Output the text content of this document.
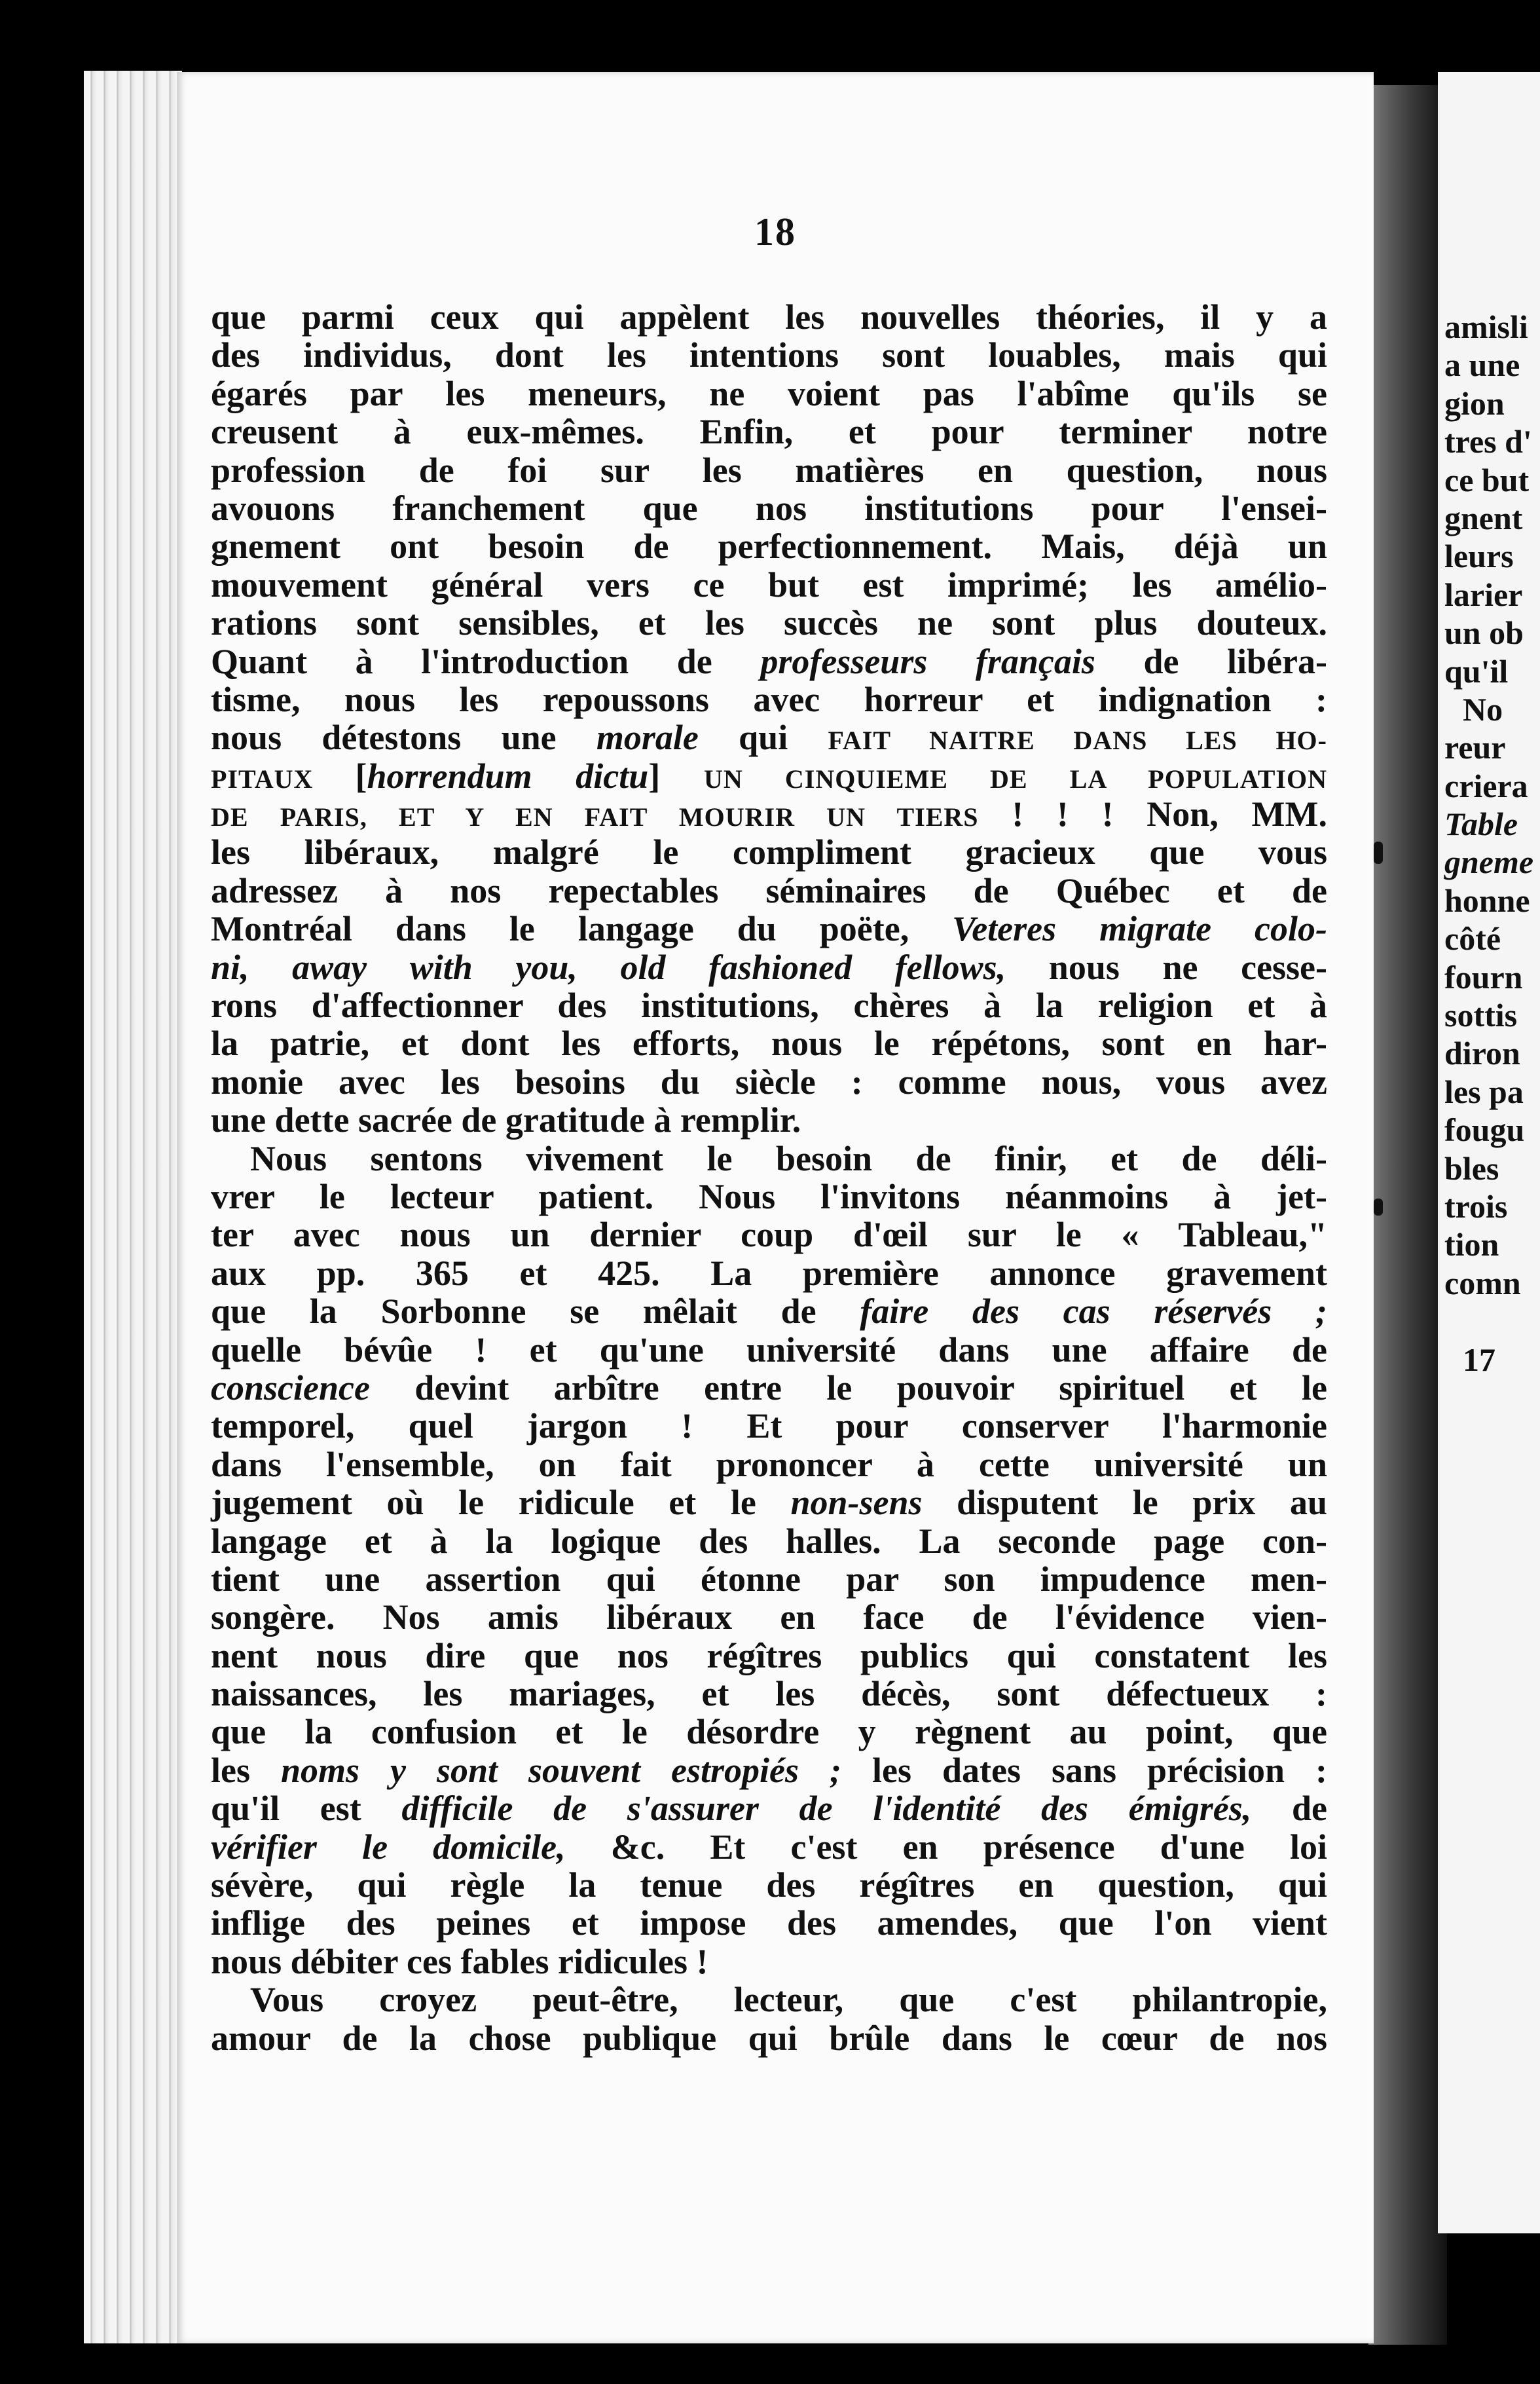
amisli
a une
gion
tres d'
ce but
gnent
leurs
larier
un ob
qu'il
No
reur
criera
Table
gneme
honne
côté
fourn
sottis
diron
les pa
fougu
bles
trois
tion
comn
17
18
que parmi ceux qui appèlent les nouvelles théories, il y a
des individus, dont les intentions sont louables, mais qui
égarés par les meneurs, ne voient pas l'abîme qu'ils se
creusent à eux-mêmes. Enfin, et pour terminer notre
profession de foi sur les matières en question, nous
avouons franchement que nos institutions pour l'ensei-
gnement ont besoin de perfectionnement. Mais, déjà un
mouvement général vers ce but est imprimé; les amélio-
rations sont sensibles, et les succès ne sont plus douteux.
Quant à l'introduction de professeurs français de libéra-
tisme, nous les repoussons avec horreur et indignation :
nous détestons une morale qui FAIT NAITRE DANS LES HO-
PITAUX [horrendum dictu] UN CINQUIEME DE LA POPULATION
DE PARIS, ET Y EN FAIT MOURIR UN TIERS ! ! ! Non, MM.
les libéraux, malgré le compliment gracieux que vous
adressez à nos repectables séminaires de Québec et de
Montréal dans le langage du poëte, Veteres migrate colo-
ni, away with you, old fashioned fellows, nous ne cesse-
rons d'affectionner des institutions, chères à la religion et à
la patrie, et dont les efforts, nous le répétons, sont en har-
monie avec les besoins du siècle : comme nous, vous avez
une dette sacrée de gratitude à remplir.
Nous sentons vivement le besoin de finir, et de déli-
vrer le lecteur patient. Nous l'invitons néanmoins à jet-
ter avec nous un dernier coup d'œil sur le « Tableau,"
aux pp. 365 et 425. La première annonce gravement
que la Sorbonne se mêlait de faire des cas réservés ;
quelle bévûe ! et qu'une université dans une affaire de
conscience devint arbître entre le pouvoir spirituel et le
temporel, quel jargon ! Et pour conserver l'harmonie
dans l'ensemble, on fait prononcer à cette université un
jugement où le ridicule et le non-sens disputent le prix au
langage et à la logique des halles. La seconde page con-
tient une assertion qui étonne par son impudence men-
songère. Nos amis libéraux en face de l'évidence vien-
nent nous dire que nos régîtres publics qui constatent les
naissances, les mariages, et les décès, sont défectueux :
que la confusion et le désordre y règnent au point, que
les noms y sont souvent estropiés ; les dates sans précision :
qu'il est difficile de s'assurer de l'identité des émigrés, de
vérifier le domicile, &c. Et c'est en présence d'une loi
sévère, qui règle la tenue des régîtres en question, qui
inflige des peines et impose des amendes, que l'on vient
nous débiter ces fables ridicules !
Vous croyez peut-être, lecteur, que c'est philantropie,
amour de la chose publique qui brûle dans le cœur de nos
